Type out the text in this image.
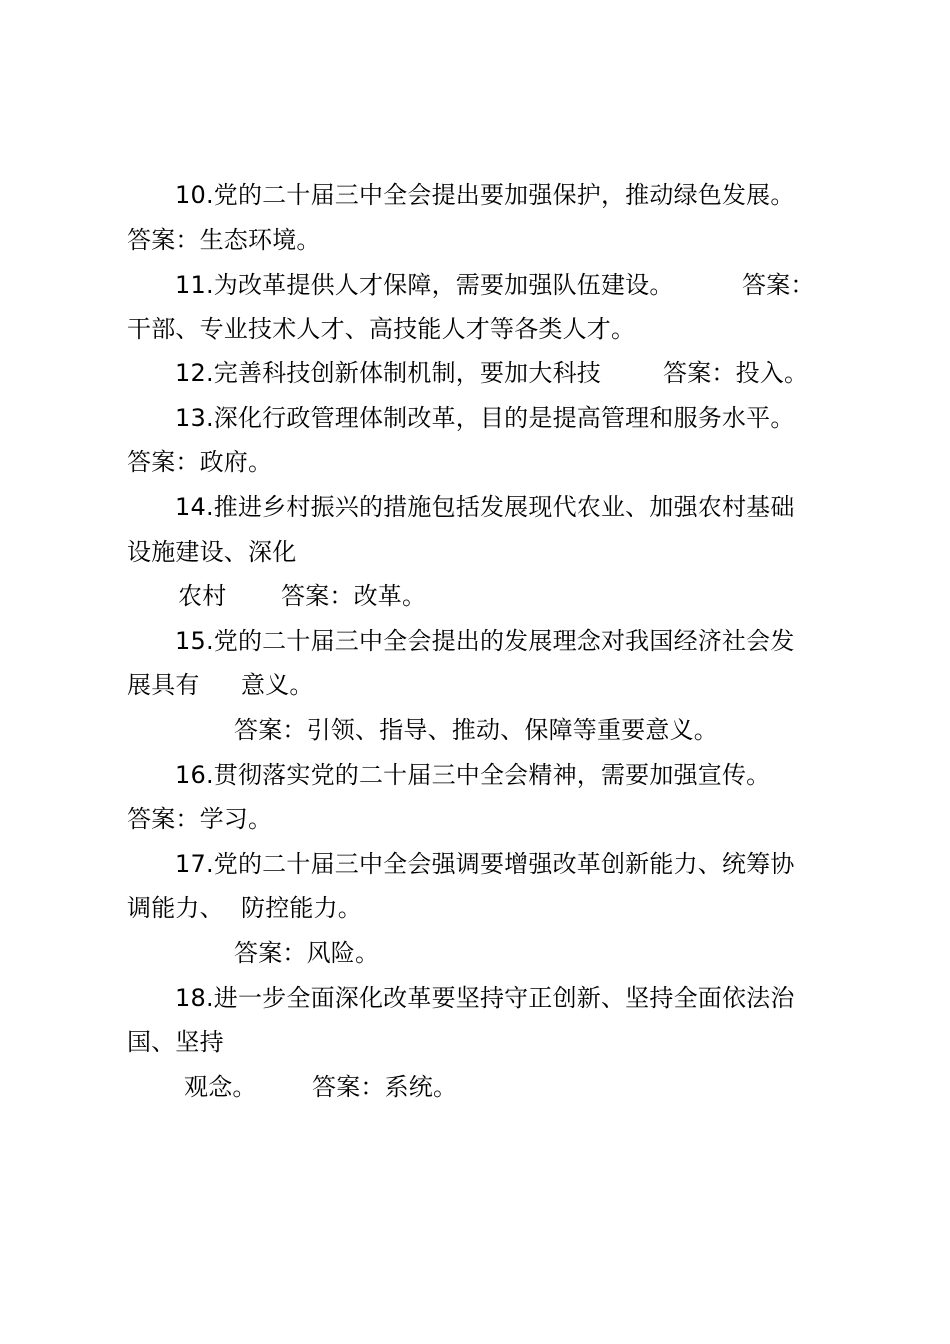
10.党的二十届三中全会提出要加强保护，推动绿色发展。
答案：生态环境。
11.为改革提供人才保障，需要加强队伍建设。	答案：
干部、专业技术人才、高技能人才等各类人才。
12.完善科技创新体制机制，要加大科技	答案：投入。
13.深化行政管理体制改革，目的是提高管理和服务水平。
答案：政府。
14.推进乡村振兴的措施包括发展现代农业、加强农村基础
设施建设、深化
农村 答案：改革。
15.党的二十届三中全会提出的发展理念对我国经济社会发
展具有 意义。
答案：引领、指导、推动、保障等重要意义。
16.贯彻落实党的二十届三中全会精神，需要加强宣传。
答案：学习。
17.党的二十届三中全会强调要增强改革创新能力、统筹协
调能力、 防控能力。
答案：风险。
18.进一步全面深化改革要坚持守正创新、坚持全面依法治
国、坚持
观念。 答案：系统。
